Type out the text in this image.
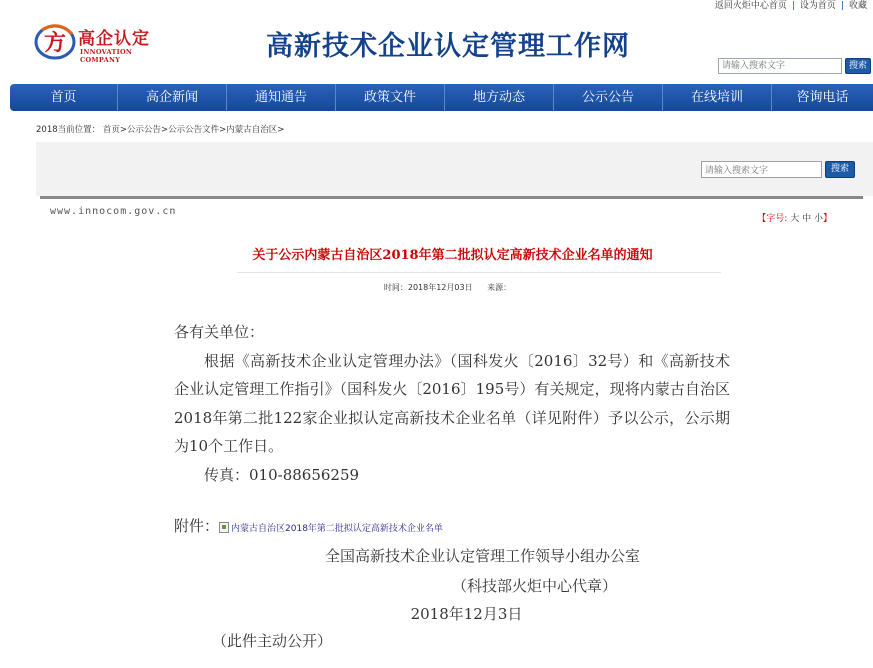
方 高企认定
INNOVATION COMPANY	高新技术企业认定管理工作网
请输入搜索文字
搜索
返回火炬中心首页 | 设为首页 | 收藏
首页	高企新闻	通知通告	政策文件	地方动态	公示公告	在线培训	咨询电话
2018当前位置： 首页>公示公告>公示公告文件>内蒙古自治区>
请输入搜索文字
搜索
www.innocom.gov.cn
【字号: 大 中 小】
关于公示内蒙古自治区2018年第二批拟认定高新技术企业名单的通知
时间：2018年12月03日 来源：

各有关单位：

根据《高新技术企业认定管理办法》（国科发火〔2016〕32号）和《高新技术企业认定管理工作指引》（国科发火〔2016〕195号）有关规定，现将内蒙古自治区2018年第二批122家企业拟认定高新技术企业名单（详见附件）予以公示，公示期为10个工作日。

传真：010-88656259

附件： 内蒙古自治区2018年第二批拟认定高新技术企业名单
全国高新技术企业认定管理工作领导小组办公室
（科技部火炬中心代章）
2018年12月3日
（此件主动公开）
